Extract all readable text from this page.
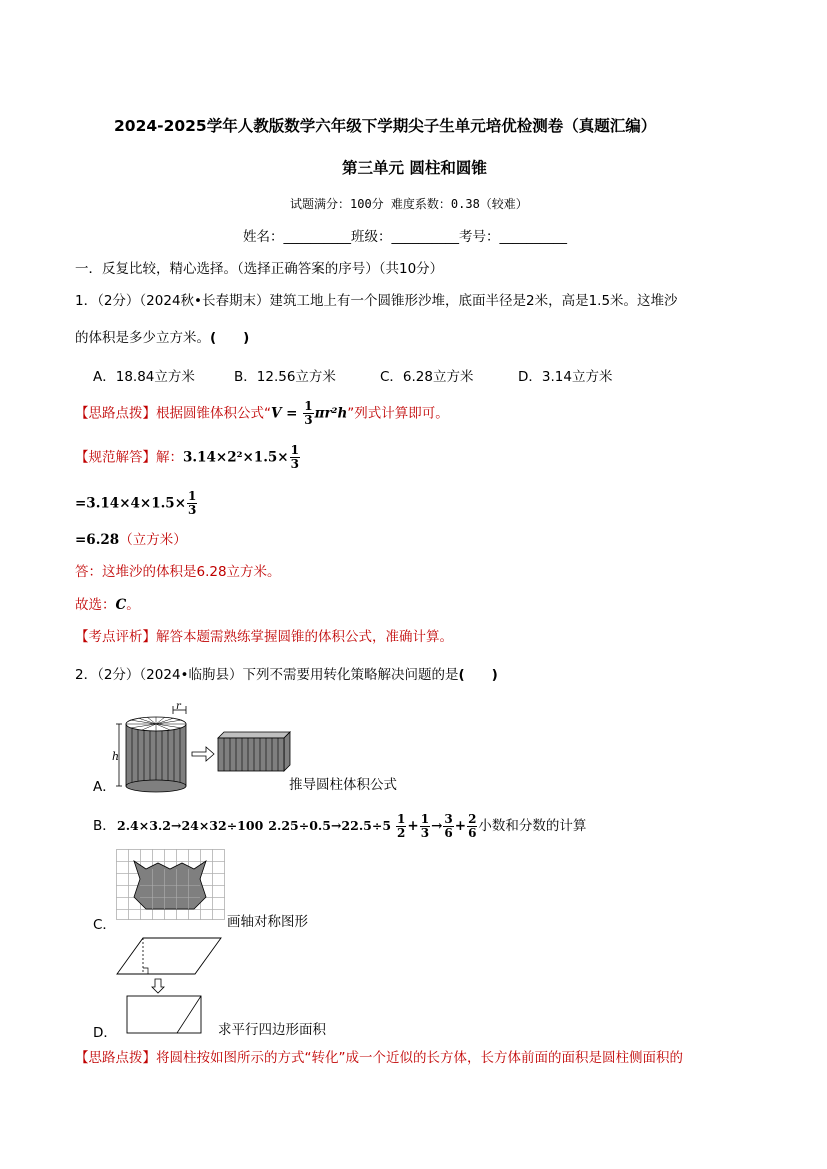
2024-2025学年人教版数学六年级下学期尖子生单元培优检测卷（真题汇编）
第三单元 圆柱和圆锥
试题满分：100分 难度系数：0.38（较难）
姓名：__________班级：__________考号：__________
一．反复比较，精心选择。（选择正确答案的序号）（共10分）
1．（2分）（2024秋•长春期末）建筑工地上有一个圆锥形沙堆，底面半径是2米，高是1.5米。这堆沙
的体积是多少立方米。(　　)
A．18.84立方米	B．12.56立方米	C．6.28立方米	D．3.14立方米
【思路点拨】根据圆锥体积公式“$V = \frac{1}{3} \pi r^2h$”列式计算即可。
【规范解答】解：$3.14\times 2^2\times 1.5\times \frac{1}{3}$
$=3.14\times 4\times 1.5\times \frac{1}{3}$
=6.28（立方米）
答：这堆沙的体积是6.28立方米。
故选：C。
【考点评析】解答本题需熟练掌握圆锥的体积公式，准确计算。
2．（2分）（2024•临朐县）下列不需要用转化策略解决问题的是(　　)
r
h
A．	推导圆柱体积公式
B． 2.4×3.2→24×32÷100 $2.25\div 0.5\to 22.5\div 5 \frac{1}{2} + \frac{1}{3} \to \frac{3}{6} + \frac{2}{6}$ 小数和分数的计算
C．	画轴对称图形
D．	求平行四边形面积
【思路点拨】将圆柱按如图所示的方式“转化”成一个近似的长方体，长方体前面的面积是圆柱侧面积的
